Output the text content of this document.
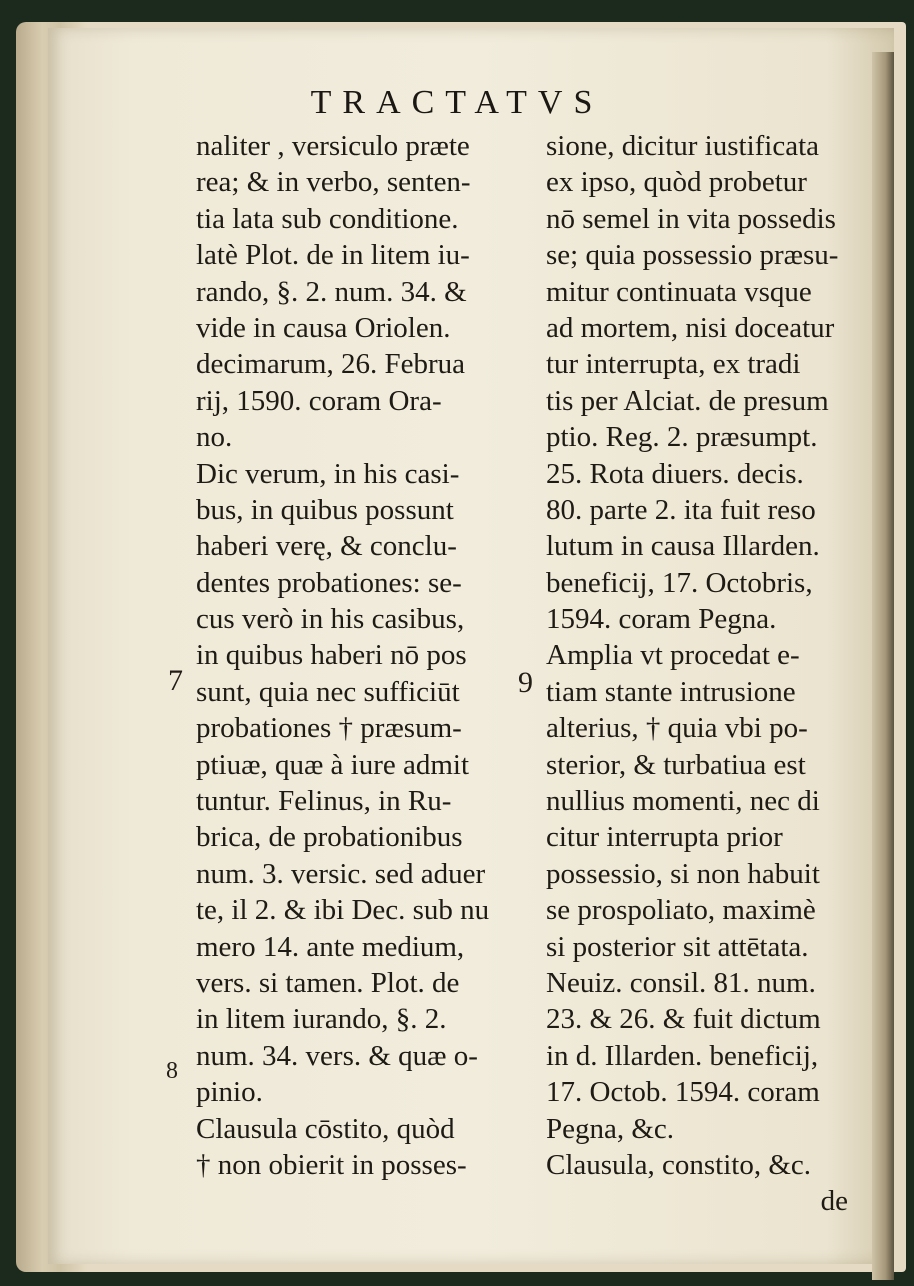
TRACTATVS
naliter , versiculo præte
rea; & in verbo, senten-
tia lata sub conditione.
latè Plot. de in litem iu-
rando, §. 2. num. 34. &
vide in causa Oriolen.
decimarum, 26. Februa
rij, 1590. coram Ora-
no.
Dic verum, in his casi-
bus, in quibus possunt
haberi verę, & conclu-
dentes probationes: se-
cus verò in his casibus,
in quibus haberi nō pos
sunt, quia nec sufficiūt
probationes † præsum-
ptiuæ, quæ à iure admit
tuntur. Felinus, in Ru-
brica, de probationibus
num. 3. versic. sed aduer
te, il 2. & ibi Dec. sub nu
mero 14. ante medium,
vers. si tamen. Plot. de
in litem iurando, §. 2.
num. 34. vers. & quæ o-
pinio.
Clausula cōstito, quòd
† non obierit in posses-
sione, dicitur iustificata
ex ipso, quòd probetur
nō semel in vita possedis
se; quia possessio præsu-
mitur continuata vsque
ad mortem, nisi doceatur
tur interrupta, ex tradi
tis per Alciat. de presum
ptio. Reg. 2. præsumpt.
25. Rota diuers. decis.
80. parte 2. ita fuit reso
lutum in causa Illarden.
beneficij, 17. Octobris,
1594. coram Pegna.
Amplia vt procedat e-
tiam stante intrusione
alterius, † quia vbi po-
sterior, & turbatiua est
nullius momenti, nec di
citur interrupta prior
possessio, si non habuit
se prospoliato, maximè
si posterior sit attētata.
Neuiz. consil. 81. num.
23. & 26. & fuit dictum
in d. Illarden. beneficij,
17. Octob. 1594. coram
Pegna, &c.
Clausula, constito, &c.
de
7
8
9
